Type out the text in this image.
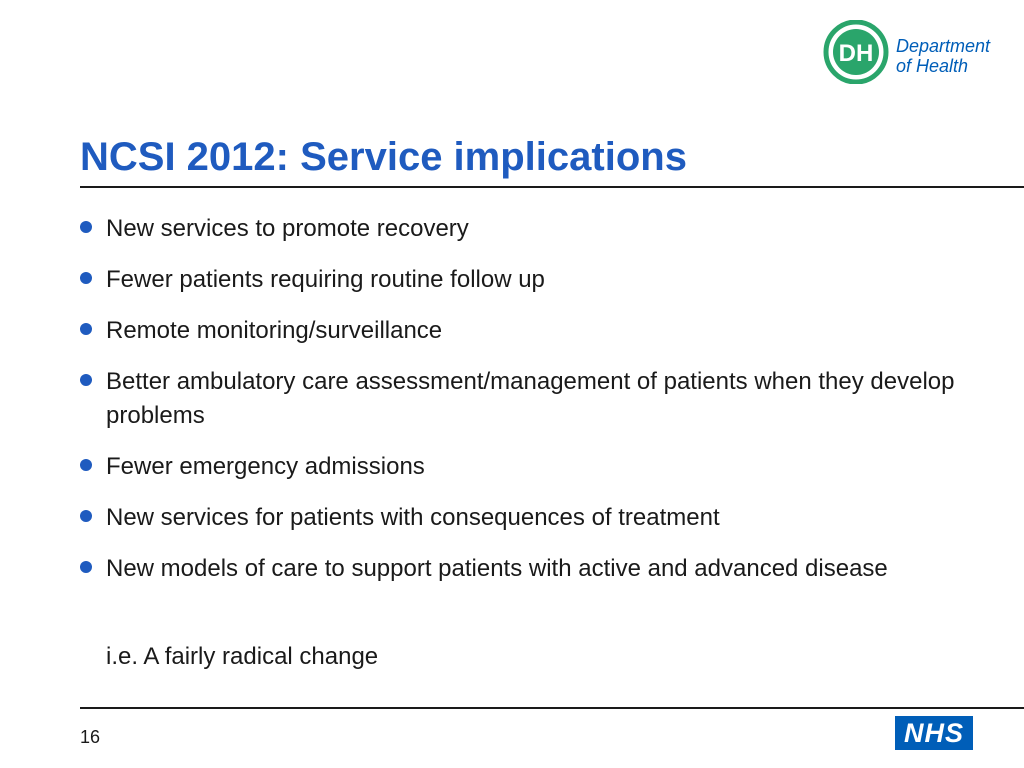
DH Department
of Health
NCSI 2012: Service implications
New services to promote recovery
Fewer patients requiring routine follow up
Remote monitoring/surveillance
Better ambulatory care assessment/management of patients when they develop problems
Fewer emergency admissions
New services for patients with consequences of treatment
New models of care to support patients with active and advanced disease

i.e. A fairly radical change

16	NHS
